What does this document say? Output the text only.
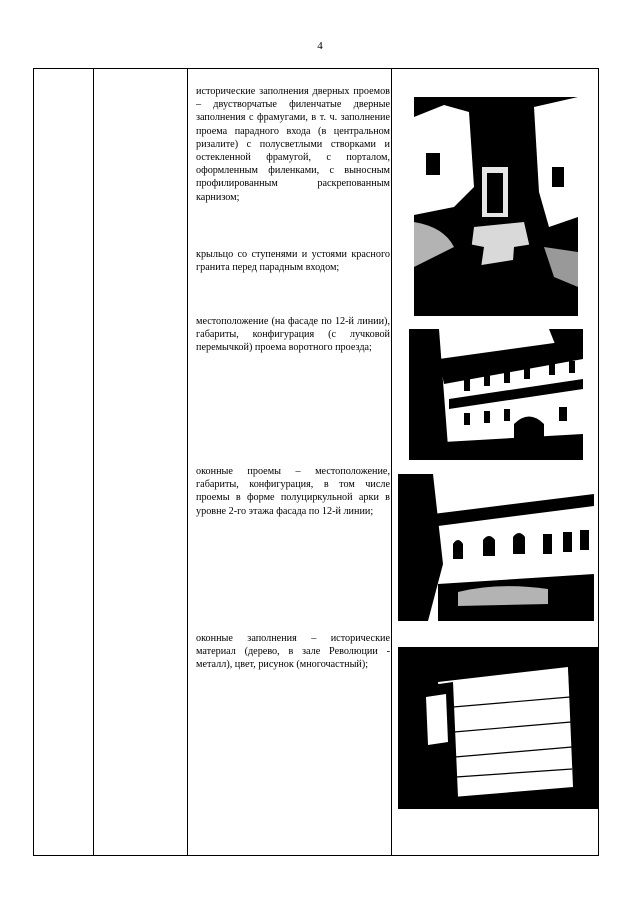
4
исторические заполнения дверных проемов – двустворчатые филенчатые дверные заполнения с фрамугами, в т. ч. заполнение проема парадного входа (в центральном ризалите) с полусветлыми створками и остекленной фрамугой, с порталом, оформленным филенками, с выносным профилированным раскрепованным карнизом;
крыльцо со ступенями и устоями красного гранита перед парадным входом;
местоположение (на фасаде по 12-й линии), габариты, конфигурация (с лучковой перемычкой) проема воротного проезда;
оконные проемы – местоположение, габариты, конфигурация, в том числе проемы в форме полуциркульной арки в уровне 2-го этажа фасада по 12-й линии;
оконные заполнения – исторические материал (дерево, в зале Революции - металл), цвет, рисунок (многочастный);
